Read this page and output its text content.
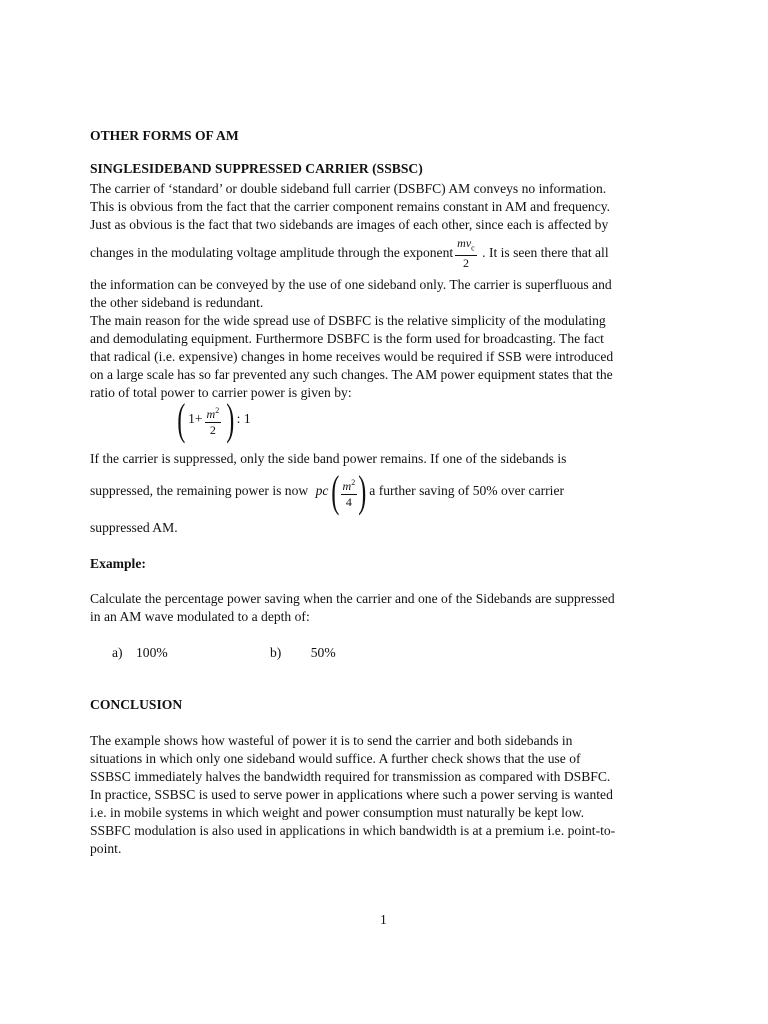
OTHER FORMS OF AM
SINGLESIDEBAND SUPPRESSED CARRIER (SSBSC)
The carrier of ‘standard’ or double sideband full carrier (DSBFC) AM conveys no information.
This is obvious from the fact that the carrier component remains constant in AM and frequency.
Just as obvious is the fact that two sidebands are images of each other, since each is affected by
changes in the modulating voltage amplitude through the exponent $\frac{mv_c}{2}$ . It is seen there that all
the information can be conveyed by the use of one sideband only. The carrier is superfluous and
the other sideband is redundant.
The main reason for the wide spread use of DSBFC is the relative simplicity of the modulating
and demodulating equipment. Furthermore DSBFC is the form used for broadcasting. The fact
that radical (i.e. expensive) changes in home receives would be required if SSB were introduced
on a large scale has so far prevented any such changes. The AM power equipment states that the
ratio of total power to carrier power is given by:
( $1+ \frac{m^2}{2}$ ) : 1
If the carrier is suppressed, only the side band power remains. If one of the sidebands is
suppressed, the remaining power is now pc ( $\frac{m^2}{4}$ ) a further saving of 50% over carrier
suppressed AM.
Example:
Calculate the percentage power saving when the carrier and one of the Sidebands are suppressed
in an AM wave modulated to a depth of:
a) 100%	b) 50%
CONCLUSION
The example shows how wasteful of power it is to send the carrier and both sidebands in
situations in which only one sideband would suffice. A further check shows that the use of
SSBSC immediately halves the bandwidth required for transmission as compared with DSBFC.
In practice, SSBSC is used to serve power in applications where such a power serving is wanted
i.e. in mobile systems in which weight and power consumption must naturally be kept low.
SSBFC modulation is also used in applications in which bandwidth is at a premium i.e. point-to-
point.
1
